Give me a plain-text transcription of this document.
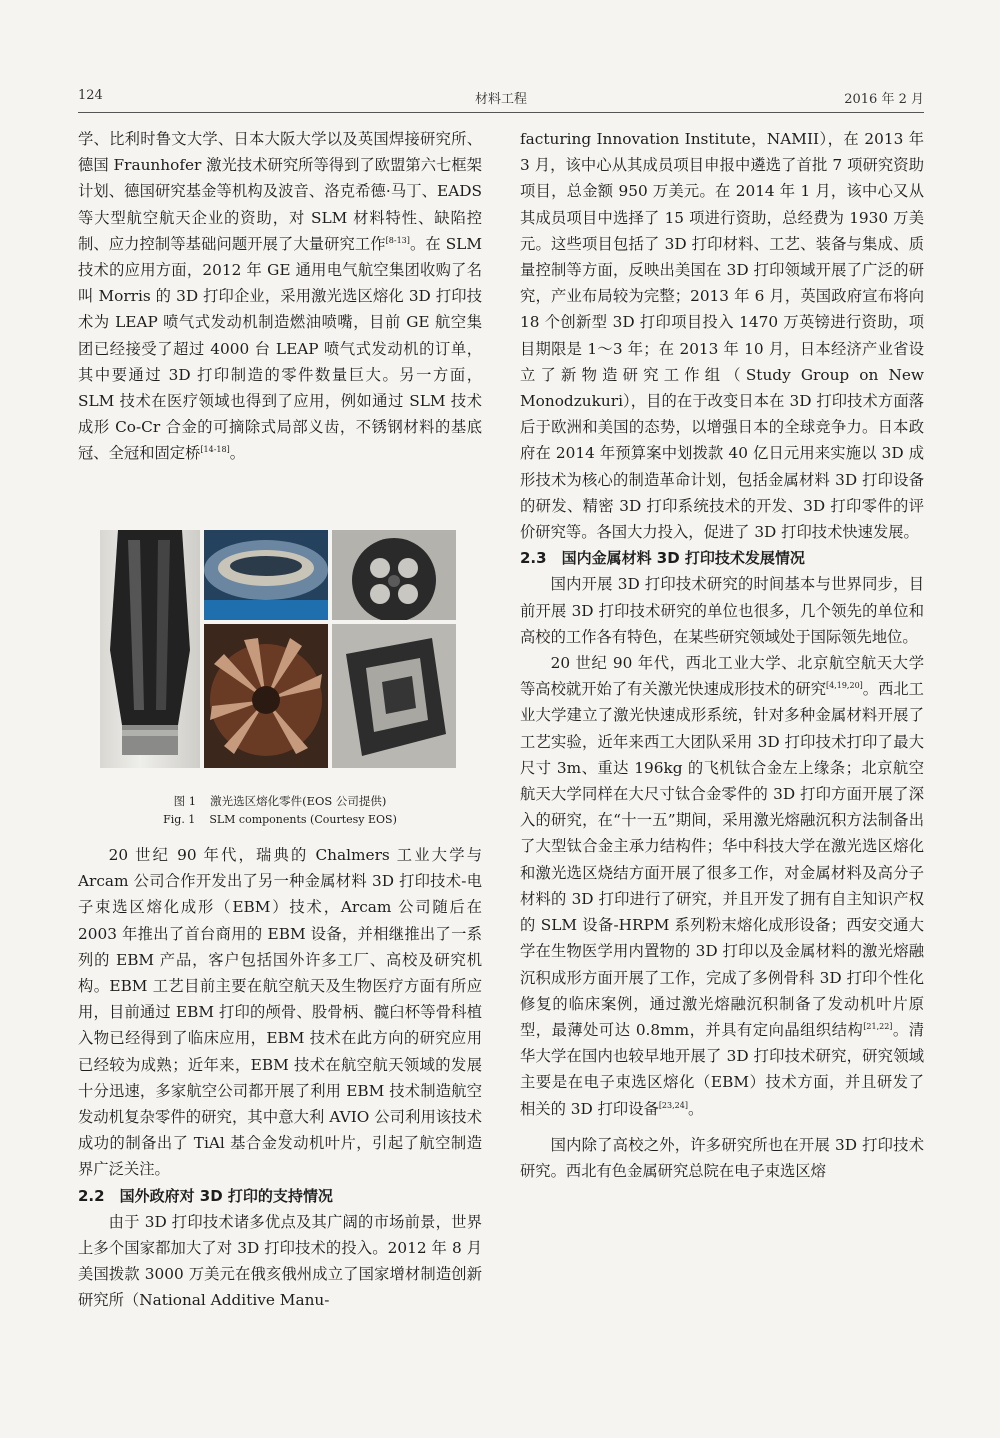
124	材料工程	2016 年 2 月

学、比利时鲁文大学、日本大阪大学以及英国焊接研究所、德国 Fraunhofer 激光技术研究所等得到了欧盟第六七框架计划、德国研究基金等机构及波音、洛克希德·马丁、EADS 等大型航空航天企业的资助，对 SLM 材料特性、缺陷控制、应力控制等基础问题开展了大量研究工作[8-13]。在 SLM 技术的应用方面，2012 年 GE 通用电气航空集团收购了名叫 Morris 的 3D 打印企业，采用激光选区熔化 3D 打印技术为 LEAP 喷气式发动机制造燃油喷嘴，目前 GE 航空集团已经接受了超过 4000 台 LEAP 喷气式发动机的订单，其中要通过 3D 打印制造的零件数量巨大。另一方面，SLM 技术在医疗领域也得到了应用，例如通过 SLM 技术成形 Co-Cr 合金的可摘除式局部义齿，不锈钢材料的基底冠、全冠和固定桥[14-18]。

图 1 激光选区熔化零件(EOS 公司提供)
Fig. 1 SLM components (Courtesy EOS)

20 世纪 90 年代，瑞典的 Chalmers 工业大学与 Arcam 公司合作开发出了另一种金属材料 3D 打印技术-电子束选区熔化成形（EBM）技术，Arcam 公司随后在 2003 年推出了首台商用的 EBM 设备，并相继推出了一系列的 EBM 产品，客户包括国外许多工厂、高校及研究机构。EBM 工艺目前主要在航空航天及生物医疗方面有所应用，目前通过 EBM 打印的颅骨、股骨柄、髋臼杯等骨科植入物已经得到了临床应用，EBM 技术在此方向的研究应用已经较为成熟；近年来，EBM 技术在航空航天领域的发展十分迅速，多家航空公司都开展了利用 EBM 技术制造航空发动机复杂零件的研究，其中意大利 AVIO 公司利用该技术成功的制备出了 TiAl 基合金发动机叶片，引起了航空制造界广泛关注。

2.2　国外政府对 3D 打印的支持情况

由于 3D 打印技术诸多优点及其广阔的市场前景，世界上多个国家都加大了对 3D 打印技术的投入。2012 年 8 月美国拨款 3000 万美元在俄亥俄州成立了国家增材制造创新研究所（National Additive Manu-

facturing Innovation Institute，NAMII），在 2013 年 3 月，该中心从其成员项目申报中遴选了首批 7 项研究资助项目，总金额 950 万美元。在 2014 年 1 月，该中心又从其成员项目中选择了 15 项进行资助，总经费为 1930 万美元。这些项目包括了 3D 打印材料、工艺、装备与集成、质量控制等方面，反映出美国在 3D 打印领域开展了广泛的研究，产业布局较为完整；2013 年 6 月，英国政府宣布将向 18 个创新型 3D 打印项目投入 1470 万英镑进行资助，项目期限是 1～3 年；在 2013 年 10 月，日本经济产业省设立了新物造研究工作组（Study Group on New Monodzukuri），目的在于改变日本在 3D 打印技术方面落后于欧洲和美国的态势，以增强日本的全球竞争力。日本政府在 2014 年预算案中划拨款 40 亿日元用来实施以 3D 成形技术为核心的制造革命计划，包括金属材料 3D 打印设备的研发、精密 3D 打印系统技术的开发、3D 打印零件的评价研究等。各国大力投入，促进了 3D 打印技术快速发展。

2.3　国内金属材料 3D 打印技术发展情况

国内开展 3D 打印技术研究的时间基本与世界同步，目前开展 3D 打印技术研究的单位也很多，几个领先的单位和高校的工作各有特色，在某些研究领域处于国际领先地位。

20 世纪 90 年代，西北工业大学、北京航空航天大学等高校就开始了有关激光快速成形技术的研究[4,19,20]。西北工业大学建立了激光快速成形系统，针对多种金属材料开展了工艺实验，近年来西工大团队采用 3D 打印技术打印了最大尺寸 3m、重达 196kg 的飞机钛合金左上缘条；北京航空航天大学同样在大尺寸钛合金零件的 3D 打印方面开展了深入的研究，在“十一五”期间，采用激光熔融沉积方法制备出了大型钛合金主承力结构件；华中科技大学在激光选区熔化和激光选区烧结方面开展了很多工作，对金属材料及高分子材料的 3D 打印进行了研究，并且开发了拥有自主知识产权的 SLM 设备-HRPM 系列粉末熔化成形设备；西安交通大学在生物医学用内置物的 3D 打印以及金属材料的激光熔融沉积成形方面开展了工作，完成了多例骨科 3D 打印个性化修复的临床案例，通过激光熔融沉积制备了发动机叶片原型，最薄处可达 0.8mm，并具有定向晶组织结构[21,22]。清华大学在国内也较早地开展了 3D 打印技术研究，研究领域主要是在电子束选区熔化（EBM）技术方面，并且研发了相关的 3D 打印设备[23,24]。

国内除了高校之外，许多研究所也在开展 3D 打印技术研究。西北有色金属研究总院在电子束选区熔
